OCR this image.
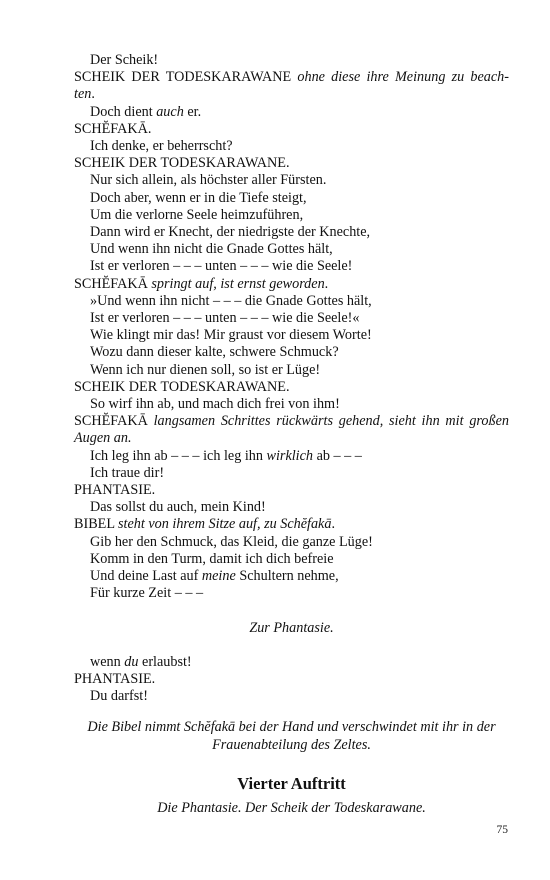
Der Scheik!
SCHEIK DER TODESKARAWANE ohne diese ihre Meinung zu beach-
ten.
Doch dient auch er.
SCHĔFAKĀ.
Ich denke, er beherrscht?
SCHEIK DER TODESKARAWANE.
Nur sich allein, als höchster aller Fürsten.
Doch aber, wenn er in die Tiefe steigt,
Um die verlorne Seele heimzuführen,
Dann wird er Knecht, der niedrigste der Knechte,
Und wenn ihn nicht die Gnade Gottes hält,
Ist er verloren – – – unten – – – wie die Seele!
SCHĔFAKĀ springt auf, ist ernst geworden.
»Und wenn ihn nicht – – – die Gnade Gottes hält,
Ist er verloren – – – unten – – – wie die Seele!«
Wie klingt mir das! Mir graust vor diesem Worte!
Wozu dann dieser kalte, schwere Schmuck?
Wenn ich nur dienen soll, so ist er Lüge!
SCHEIK DER TODESKARAWANE.
So wirf ihn ab, und mach dich frei von ihm!
SCHĔFAKĀ langsamen Schrittes rückwärts gehend, sieht ihn mit großen
Augen an.
Ich leg ihn ab – – – ich leg ihn wirklich ab – – –
Ich traue dir!
PHANTASIE.
Das sollst du auch, mein Kind!
BIBEL steht von ihrem Sitze auf, zu Schĕfakā.
Gib her den Schmuck, das Kleid, die ganze Lüge!
Komm in den Turm, damit ich dich befreie
Und deine Last auf meine Schultern nehme,
Für kurze Zeit – – –
Zur Phantasie.
wenn du erlaubst!
PHANTASIE.
Du darfst!
Die Bibel nimmt Schĕfakā bei der Hand und verschwindet mit ihr in der Frauenabteilung des Zeltes.
Vierter Auftritt
Die Phantasie. Der Scheik der Todeskarawane.
75
